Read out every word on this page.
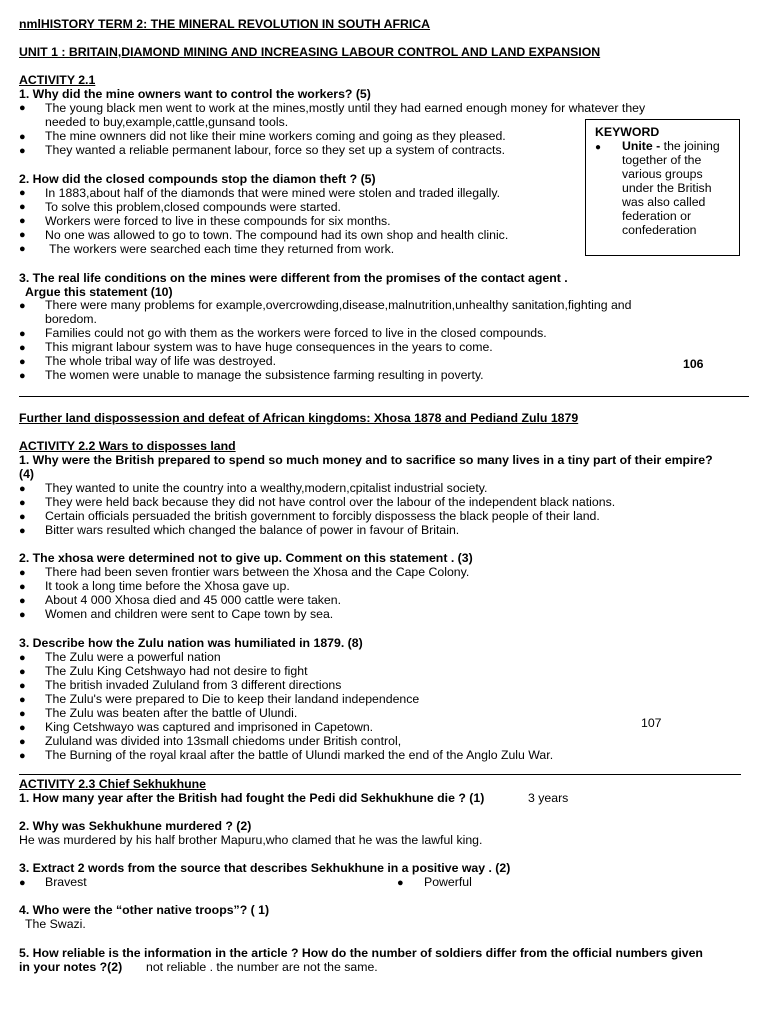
nmlHISTORY TERM 2: THE MINERAL REVOLUTION IN SOUTH AFRICA
UNIT 1 : BRITAIN,DIAMOND MINING AND INCREASING LABOUR CONTROL AND LAND EXPANSION
ACTIVITY 2.1
1. Why did the mine owners want to control the workers? (5)
● The young black men went to work at the mines,mostly until they had earned enough money for whatever they
needed to buy,example,cattle,gunsand tools.
● The mine ownners did not like their mine workers coming and going as they pleased.
● They wanted a reliable permanent labour, force so they set up a system of contracts.
2. How did the closed compounds stop the diamon theft ? (5)
● In 1883,about half of the diamonds that were mined were stolen and traded illegally.
● To solve this problem,closed compounds were started.
● Workers were forced to live in these compounds for six months.
● No one was allowed to go to town. The compound had its own shop and health clinic.
● The workers were searched each time they returned from work.
KEYWORD
● Unite - the joining
together of the
various groups
under the British
was also called
federation or
confederation
3. The real life conditions on the mines were different from the promises of the contact agent .
Argue this statement (10)
● There were many problems for example,overcrowding,disease,malnutrition,unhealthy sanitation,fighting and
boredom.
● Families could not go with them as the workers were forced to live in the closed compounds.
● This migrant labour system was to have huge consequences in the years to come.
● The whole tribal way of life was destroyed.
● The women were unable to manage the subsistence farming resulting in poverty.
106
Further land dispossession and defeat of African kingdoms: Xhosa 1878 and Pediand Zulu 1879
ACTIVITY 2.2 Wars to disposses land
1. Why were the British prepared to spend so much money and to sacrifice so many lives in a tiny part of their empire?
(4)
● They wanted to unite the country into a wealthy,modern,cpitalist industrial society.
● They were held back because they did not have control over the labour of the independent black nations.
● Certain officials persuaded the british government to forcibly dispossess the black people of their land.
● Bitter wars resulted which changed the balance of power in favour of Britain.
2. The xhosa were determined not to give up. Comment on this statement . (3)
● There had been seven frontier wars between the Xhosa and the Cape Colony.
● It took a long time before the Xhosa gave up.
● About 4 000 Xhosa died and 45 000 cattle were taken.
● Women and children were sent to Cape town by sea.
3. Describe how the Zulu nation was humiliated in 1879. (8)
● The Zulu were a powerful nation
● The Zulu King Cetshwayo had not desire to fight
● The british invaded Zululand from 3 different directions
● The Zulu's were prepared to Die to keep their landand independence
● The Zulu was beaten after the battle of Ulundi.
● King Cetshwayo was captured and imprisoned in Capetown.
● Zululand was divided into 13small chiedoms under British control,
● The Burning of the royal kraal after the battle of Ulundi marked the end of the Anglo Zulu War.
107
ACTIVITY 2.3 Chief Sekhukhune
1. How many year after the British had fought the Pedi did Sekhukhune die ? (1)	3 years
2. Why was Sekhukhune murdered ? (2)
He was murdered by his half brother Mapuru,who clamed that he was the lawful king.
3. Extract 2 words from the source that describes Sekhukhune in a positive way . (2)
● Bravest	● Powerful
4. Who were the “other native troops”? ( 1)
The Swazi.
5. How reliable is the information in the article ? How do the number of soldiers differ from the official numbers given
in your notes ?(2) not reliable . the number are not the same.
